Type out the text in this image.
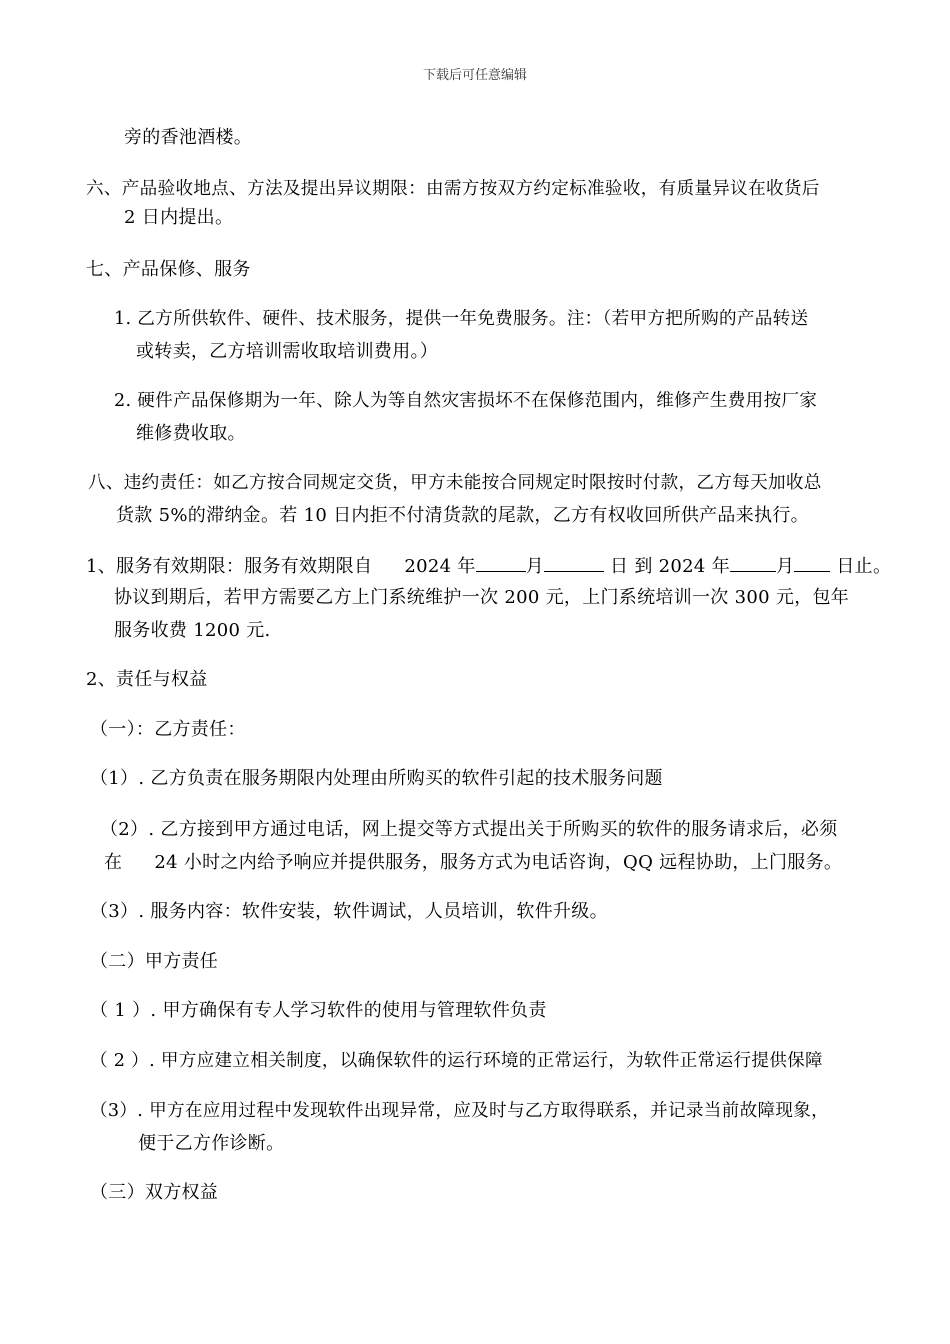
下载后可任意编辑
旁的香池酒楼。
六、产品验收地点、方法及提出异议期限：由需方按双方约定标准验收，有质量异议在收货后
2 日内提出。
七、产品保修、服务
1. 乙方所供软件、硬件、技术服务，提供一年免费服务。注：（若甲方把所购的产品转送
或转卖，乙方培训需收取培训费用。）
2. 硬件产品保修期为一年、除人为等自然灾害损坏不在保修范围内，维修产生费用按厂家
维修费收取。
八、违约责任：如乙方按合同规定交货，甲方未能按合同规定时限按时付款，乙方每天加收总
货款 5%的滞纳金。若 10 日内拒不付清货款的尾款，乙方有权收回所供产品来执行。
1、服务有效期限：服务有效期限自 2024 年	月	日 到 2024 年	月 日止。
协议到期后，若甲方需要乙方上门系统维护一次 200 元，上门系统培训一次 300 元，包年
服务收费 1200 元.
2、责任与权益
（一）：乙方责任：
（1）. 乙方负责在服务期限内处理由所购买的软件引起的技术服务问题
（2）. 乙方接到甲方通过电话，网上提交等方式提出关于所购买的软件的服务请求后，必须
在 24 小时之内给予响应并提供服务，服务方式为电话咨询，QQ 远程协助，上门服务。
（3）. 服务内容：软件安装，软件调试，人员培训，软件升级。
（二）甲方责任
（ 1 ）. 甲方确保有专人学习软件的使用与管理软件负责
（ 2 ）. 甲方应建立相关制度，以确保软件的运行环境的正常运行，为软件正常运行提供保障
（3）. 甲方在应用过程中发现软件出现异常，应及时与乙方取得联系，并记录当前故障现象，
便于乙方作诊断。
（三）双方权益
